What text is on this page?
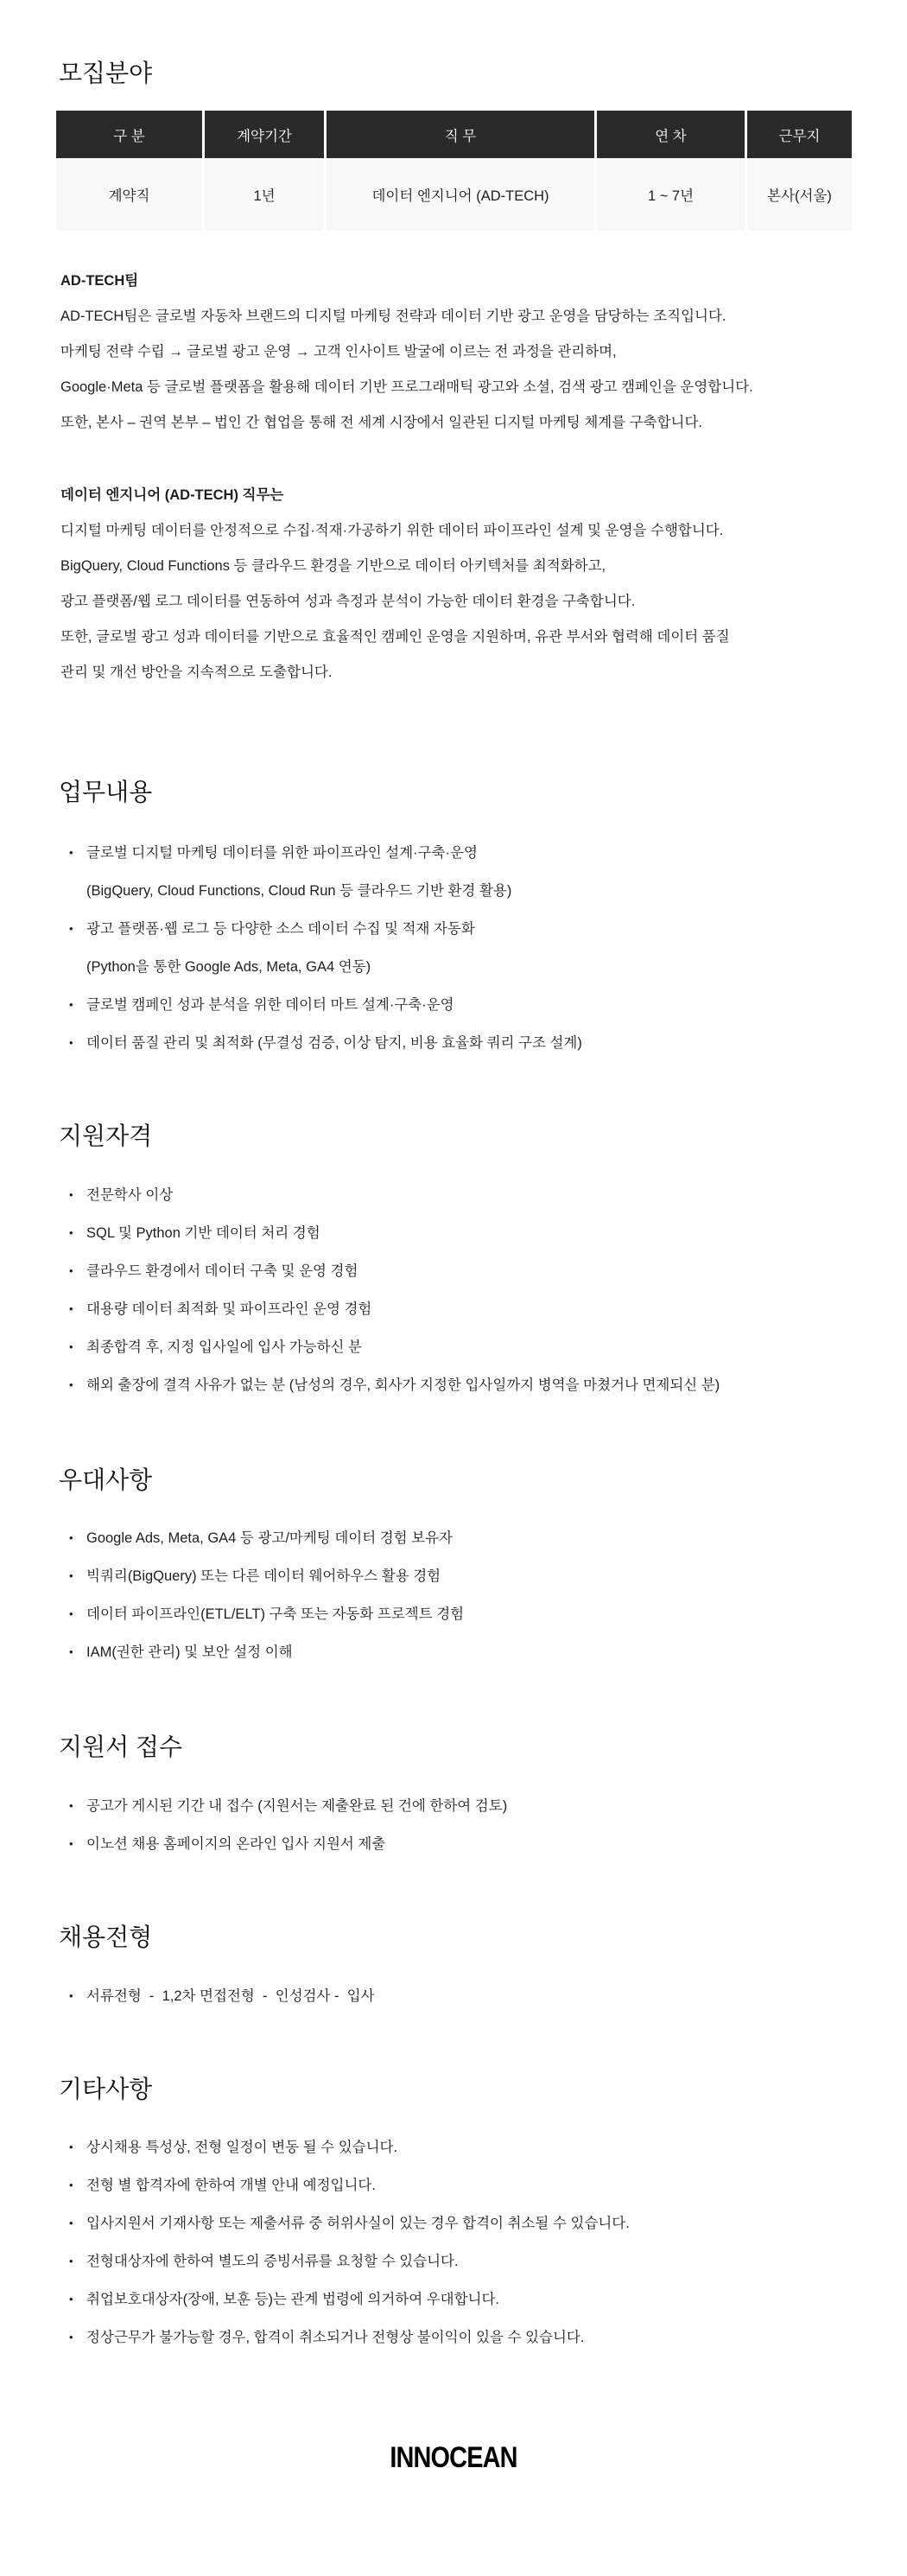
모집분야
구 분	계약기간	직 무	연 차	근무지
계약직	1년	데이터 엔지니어 (AD-TECH)	1 ~ 7년	본사(서울)
AD-TECH팀
AD-TECH팀은 글로벌 자동차 브랜드의 디지털 마케팅 전략과 데이터 기반 광고 운영을 담당하는 조직입니다.
마케팅 전략 수립 → 글로벌 광고 운영 → 고객 인사이트 발굴에 이르는 전 과정을 관리하며,
Google·Meta 등 글로벌 플랫폼을 활용해 데이터 기반 프로그래매틱 광고와 소셜, 검색 광고 캠페인을 운영합니다.
또한, 본사 – 권역 본부 – 법인 간 협업을 통해 전 세계 시장에서 일관된 디지털 마케팅 체계를 구축합니다.
데이터 엔지니어 (AD-TECH) 직무는
디지털 마케팅 데이터를 안정적으로 수집·적재·가공하기 위한 데이터 파이프라인 설계 및 운영을 수행합니다.
BigQuery, Cloud Functions 등 클라우드 환경을 기반으로 데이터 아키텍처를 최적화하고,
광고 플랫폼/웹 로그 데이터를 연동하여 성과 측정과 분석이 가능한 데이터 환경을 구축합니다.
또한, 글로벌 광고 성과 데이터를 기반으로 효율적인 캠페인 운영을 지원하며, 유관 부서와 협력해 데이터 품질
관리 및 개선 방안을 지속적으로 도출합니다.
업무내용
• 글로벌 디지털 마케팅 데이터를 위한 파이프라인 설계·구축·운영
(BigQuery, Cloud Functions, Cloud Run 등 클라우드 기반 환경 활용)
• 광고 플랫폼·웹 로그 등 다양한 소스 데이터 수집 및 적재 자동화
(Python을 통한 Google Ads, Meta, GA4 연동)
• 글로벌 캠페인 성과 분석을 위한 데이터 마트 설계·구축·운영
• 데이터 품질 관리 및 최적화 (무결성 검증, 이상 탐지, 비용 효율화 쿼리 구조 설계)
지원자격
• 전문학사 이상
• SQL 및 Python 기반 데이터 처리 경험
• 클라우드 환경에서 데이터 구축 및 운영 경험
• 대용량 데이터 최적화 및 파이프라인 운영 경험
• 최종합격 후, 지정 입사일에 입사 가능하신 분
• 해외 출장에 결격 사유가 없는 분 (남성의 경우, 회사가 지정한 입사일까지 병역을 마쳤거나 면제되신 분)
우대사항
• Google Ads, Meta, GA4 등 광고/마케팅 데이터 경험 보유자
• 빅쿼리(BigQuery) 또는 다른 데이터 웨어하우스 활용 경험
• 데이터 파이프라인(ETL/ELT) 구축 또는 자동화 프로젝트 경험
• IAM(권한 관리) 및 보안 설정 이해
지원서 접수
• 공고가 게시된 기간 내 접수 (지원서는 제출완료 된 건에 한하여 검토)
• 이노션 채용 홈페이지의 온라인 입사 지원서 제출
채용전형
• 서류전형  -  1,2차 면접전형  -  인성검사 -  입사
기타사항
• 상시채용 특성상, 전형 일정이 변동 될 수 있습니다.
• 전형 별 합격자에 한하여 개별 안내 예정입니다.
• 입사지원서 기재사항 또는 제출서류 중 허위사실이 있는 경우 합격이 취소될 수 있습니다.
• 전형대상자에 한하여 별도의 증빙서류를 요청할 수 있습니다.
• 취업보호대상자(장애, 보훈 등)는 관계 법령에 의거하여 우대합니다.
• 정상근무가 불가능할 경우, 합격이 취소되거나 전형상 불이익이 있을 수 있습니다.
INNOCEAN
